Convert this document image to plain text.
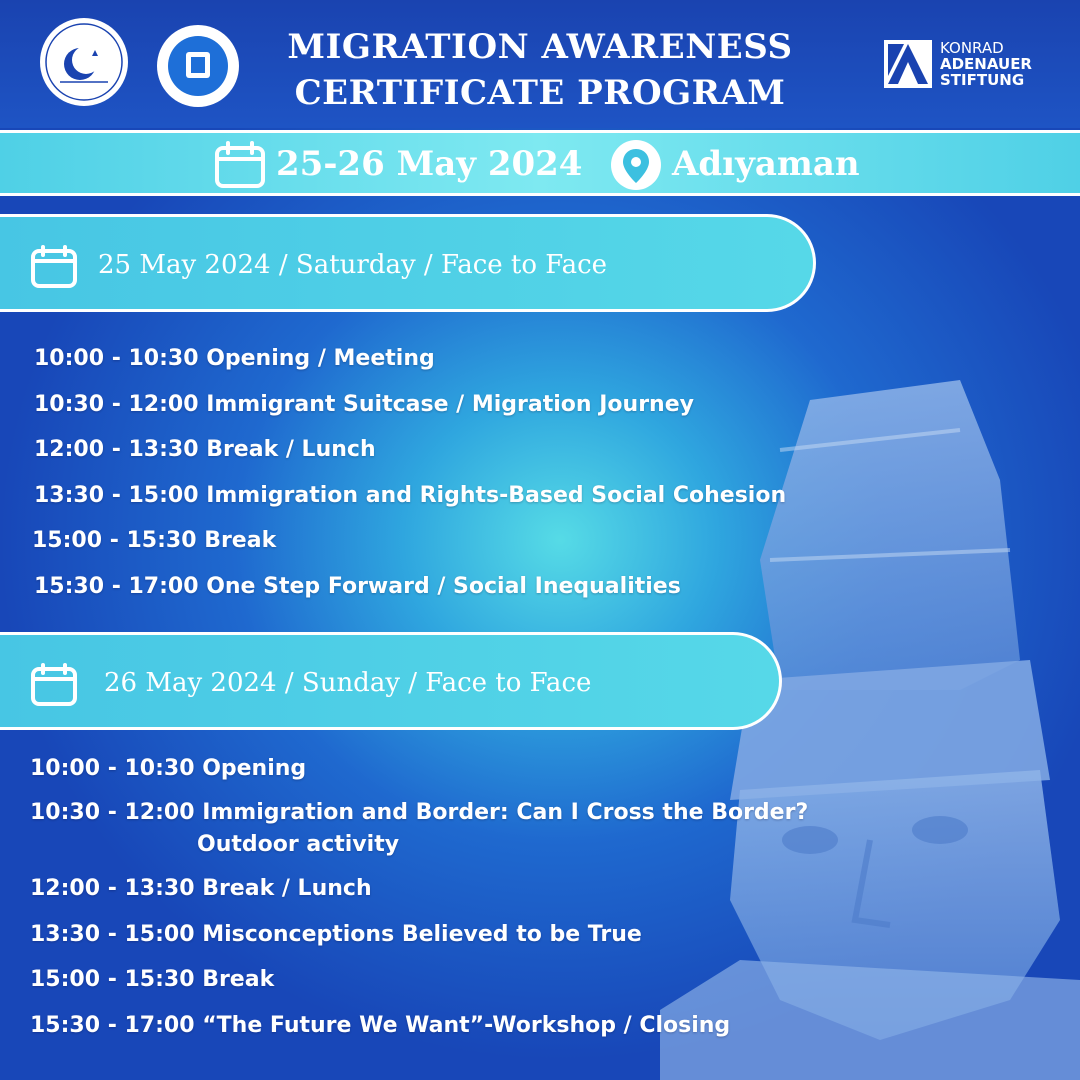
MIGRATION AWARENESS
CERTIFICATE PROGRAM
KONRAD
ADENAUER
STIFTUNG
25-26 May 2024	Adıyaman
25 May 2024 / Saturday / Face to Face
10:00 - 10:30 Opening / Meeting
10:30 - 12:00 Immigrant Suitcase / Migration Journey
12:00 - 13:30 Break / Lunch
13:30 - 15:00 Immigration and Rights-Based Social Cohesion
15:00 - 15:30 Break
15:30 - 17:00 One Step Forward / Social Inequalities
26 May 2024 / Sunday / Face to Face
10:00 - 10:30 Opening
10:30 - 12:00 Immigration and Border: Can I Cross the Border?
Outdoor activity
12:00 - 13:30 Break / Lunch
13:30 - 15:00 Misconceptions Believed to be True
15:00 - 15:30 Break
15:30 - 17:00 “The Future We Want”-Workshop / Closing
